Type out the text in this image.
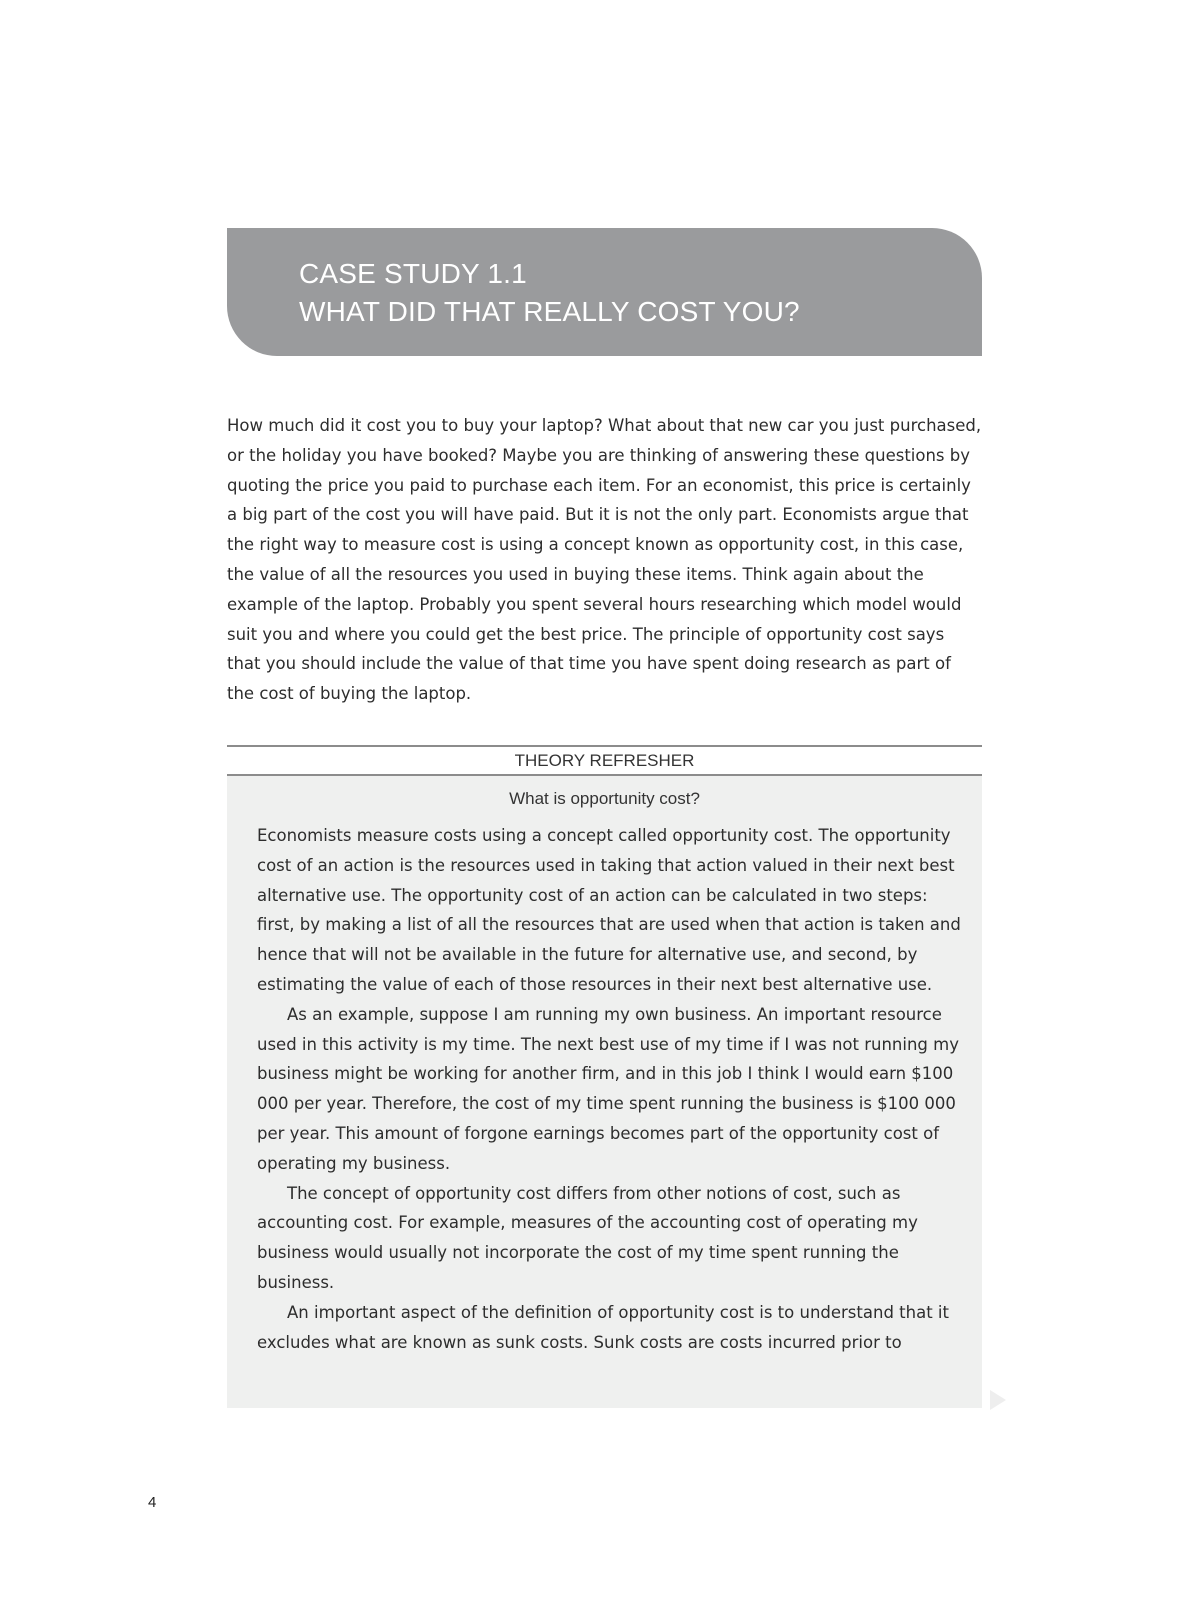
CASE STUDY 1.1
WHAT DID THAT REALLY COST YOU?

How much did it cost you to buy your laptop? What about that new car you just purchased, or the holiday you have booked? Maybe you are thinking of answering these questions by quoting the price you paid to purchase each item. For an economist, this price is certainly a big part of the cost you will have paid. But it is not the only part. Economists argue that the right way to measure cost is using a concept known as opportunity cost, in this case, the value of all the resources you used in buying these items. Think again about the example of the laptop. Probably you spent several hours researching which model would suit you and where you could get the best price. The principle of opportunity cost says that you should include the value of that time you have spent doing research as part of the cost of buying the laptop.

THEORY REFRESHER
What is opportunity cost?

Economists measure costs using a concept called opportunity cost. The opportunity cost of an action is the resources used in taking that action valued in their next best alternative use. The opportunity cost of an action can be calculated in two steps: first, by making a list of all the resources that are used when that action is taken and hence that will not be available in the future for alternative use, and second, by estimating the value of each of those resources in their next best alternative use.

As an example, suppose I am running my own business. An important resource used in this activity is my time. The next best use of my time if I was not running my business might be working for another firm, and in this job I think I would earn $100 000 per year. Therefore, the cost of my time spent running the business is $100 000 per year. This amount of forgone earnings becomes part of the opportunity cost of operating my business.

The concept of opportunity cost differs from other notions of cost, such as accounting cost. For example, measures of the accounting cost of operating my business would usually not incorporate the cost of my time spent running the business.

An important aspect of the definition of opportunity cost is to understand that it excludes what are known as sunk costs. Sunk costs are costs incurred prior to

4
